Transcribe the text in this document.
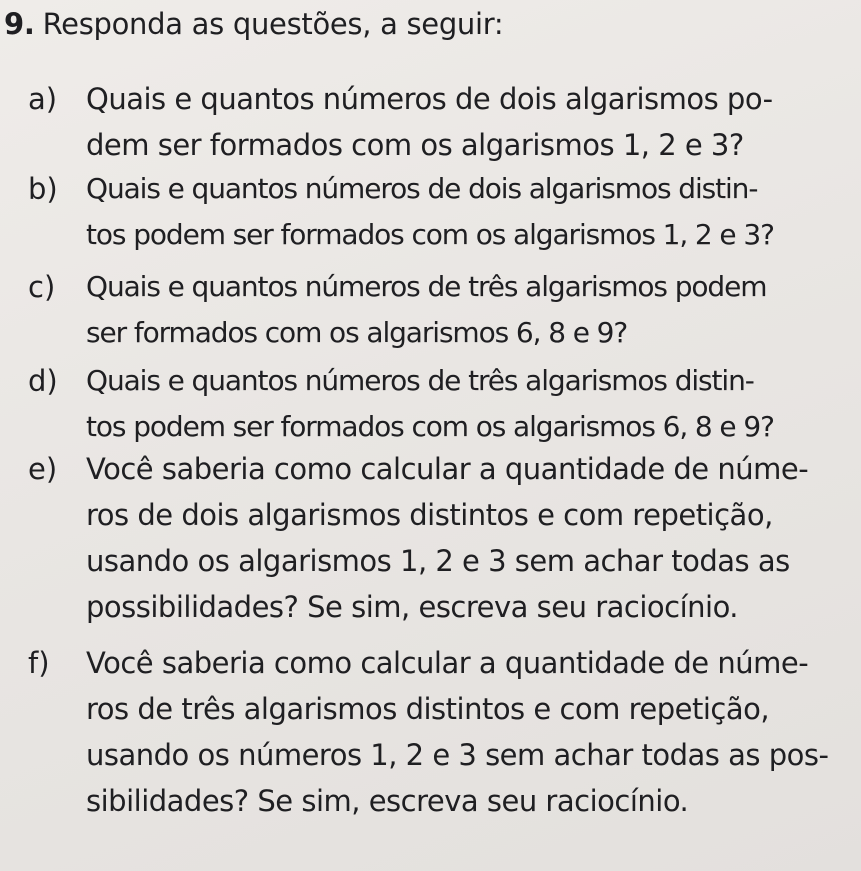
9. Responda as questões, a seguir:
a) Quais e quantos números de dois algarismos po-
dem ser formados com os algarismos 1, 2 e 3?
b) Quais e quantos números de dois algarismos distin-
tos podem ser formados com os algarismos 1, 2 e 3?
c) Quais e quantos números de três algarismos podem
ser formados com os algarismos 6, 8 e 9?
d) Quais e quantos números de três algarismos distin-
tos podem ser formados com os algarismos 6, 8 e 9?
e) Você saberia como calcular a quantidade de núme-
ros de dois algarismos distintos e com repetição,
usando os algarismos 1, 2 e 3 sem achar todas as
possibilidades? Se sim, escreva seu raciocínio.
f) Você saberia como calcular a quantidade de núme-
ros de três algarismos distintos e com repetição,
usando os números 1, 2 e 3 sem achar todas as pos-
sibilidades? Se sim, escreva seu raciocínio.
